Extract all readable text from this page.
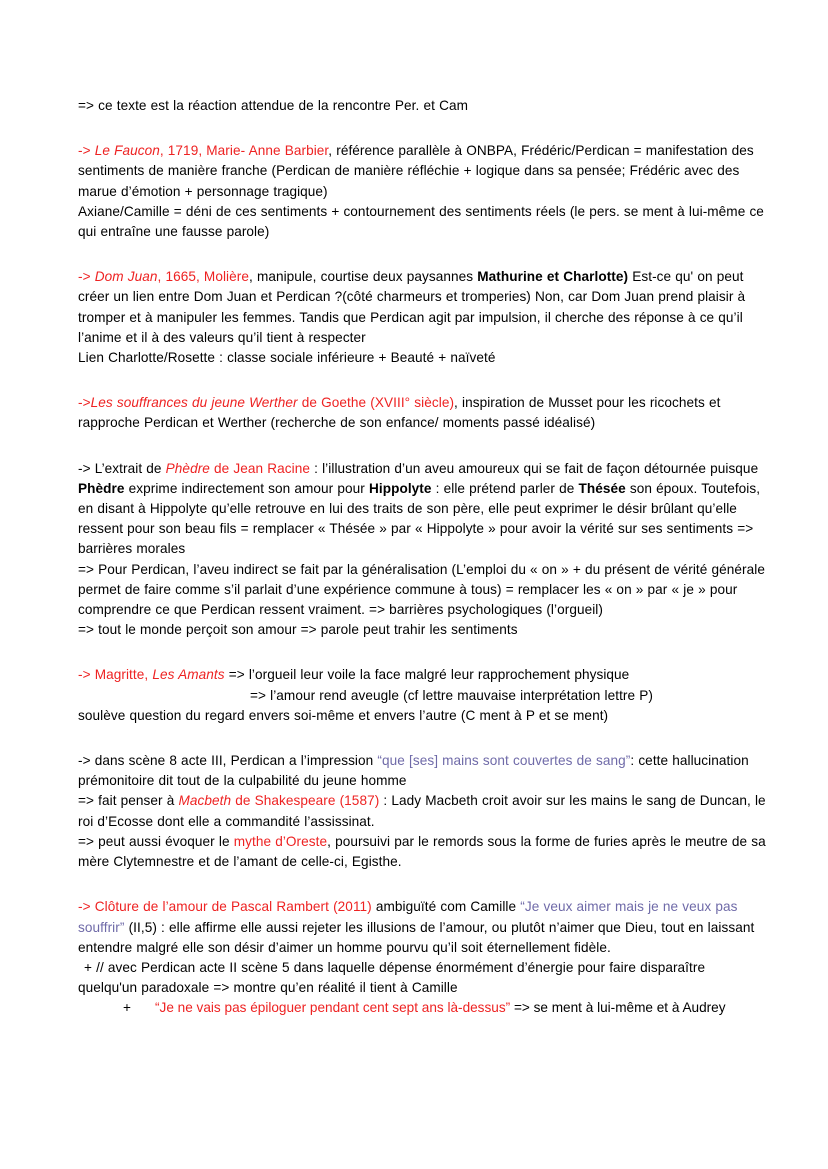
=> ce texte est la réaction attendue de la rencontre Per. et Cam

-> Le Faucon, 1719, Marie- Anne Barbier, référence parallèle à ONBPA, Frédéric/Perdican = manifestation des sentiments de manière franche (Perdican de manière réfléchie + logique dans sa pensée; Frédéric avec des marue d’émotion + personnage tragique)
Axiane/Camille = déni de ces sentiments + contournement des sentiments réels (le pers. se ment à lui-même ce qui entraîne une fausse parole)

-> Dom Juan, 1665, Molière, manipule, courtise deux paysannes Mathurine et Charlotte) Est-ce qu' on peut créer un lien entre Dom Juan et Perdican ?(côté charmeurs et tromperies) Non, car Dom Juan prend plaisir à tromper et à manipuler les femmes. Tandis que Perdican agit par impulsion, il cherche des réponse à ce qu’il l’anime et il à des valeurs qu’il tient à respecter
Lien Charlotte/Rosette : classe sociale inférieure + Beauté + naïveté

->Les souffrances du jeune Werther de Goethe (XVIII° siècle), inspiration de Musset pour les ricochets et rapproche Perdican et Werther (recherche de son enfance/ moments passé idéalisé)

-> L’extrait de Phèdre de Jean Racine : l’illustration d’un aveu amoureux qui se fait de façon détournée puisque Phèdre exprime indirectement son amour pour Hippolyte : elle prétend parler de Thésée son époux. Toutefois, en disant à Hippolyte qu’elle retrouve en lui des traits de son père, elle peut exprimer le désir brûlant qu’elle ressent pour son beau fils = remplacer « Thésée » par « Hippolyte » pour avoir la vérité sur ses sentiments => barrières morales
=> Pour Perdican, l’aveu indirect se fait par la généralisation (L’emploi du « on » + du présent de vérité générale permet de faire comme s’il parlait d’une expérience commune à tous) = remplacer les « on » par « je » pour comprendre ce que Perdican ressent vraiment. => barrières psychologiques (l’orgueil)
=> tout le monde perçoit son amour => parole peut trahir les sentiments

-> Magritte, Les Amants => l’orgueil leur voile la face malgré leur rapprochement physique

=> l’amour rend aveugle (cf lettre mauvaise interprétation lettre P)
soulève question du regard envers soi-même et envers l’autre (C ment à P et se ment)

-> dans scène 8 acte III, Perdican a l’impression “que [ses] mains sont couvertes de sang”: cette hallucination prémonitoire dit tout de la culpabilité du jeune homme
=> fait penser à Macbeth de Shakespeare (1587) : Lady Macbeth croit avoir sur les mains le sang de Duncan, le roi d’Ecosse dont elle a commandité l’assissinat.

=> peut aussi évoquer le mythe d’Oreste, poursuivi par le remords sous la forme de furies après le meutre de sa mère Clytemnestre et de l’amant de celle-ci, Egisthe.

-> Clôture de l’amour de Pascal Rambert (2011) ambiguïté com Camille “Je veux aimer mais je ne veux pas souffrir” (II,5) : elle affirme elle aussi rejeter les illusions de l’amour, ou plutôt n’aimer que Dieu, tout en laissant entendre malgré elle son désir d’aimer un homme pourvu qu’il soit éternellement fidèle.
+ // avec Perdican acte II scène 5 dans laquelle dépense énormément d’énergie pour faire disparaître quelqu'un paradoxale => montre qu’en réalité il tient à Camille

+	“Je ne vais pas épiloguer pendant cent sept ans là-dessus” => se ment à lui-même et à Audrey
